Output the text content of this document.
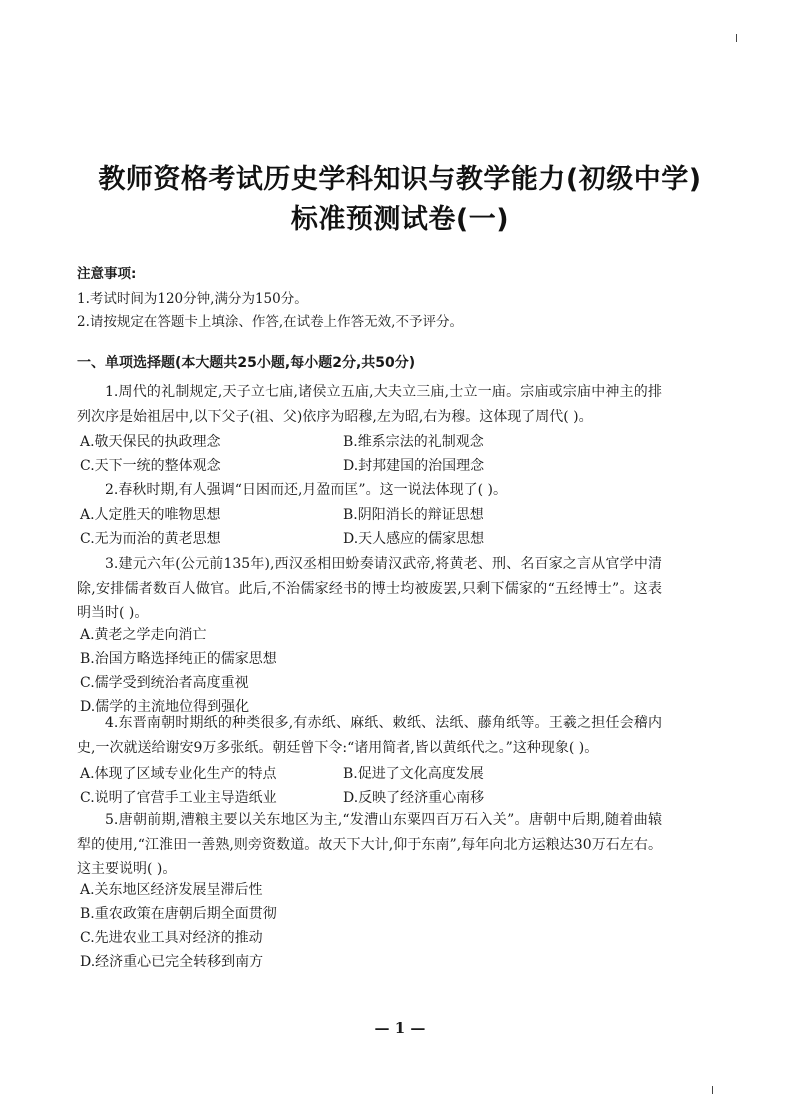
教师资格考试历史学科知识与教学能力(初级中学)
标准预测试卷(一)
注意事项:
1.考试时间为120分钟,满分为150分。
2.请按规定在答题卡上填涂、作答,在试卷上作答无效,不予评分。
一、单项选择题(本大题共25小题,每小题2分,共50分)
1.周代的礼制规定,天子立七庙,诸侯立五庙,大夫立三庙,士立一庙。宗庙或宗庙中神主的排列次序是始祖居中,以下父子(祖、父)依序为昭穆,左为昭,右为穆。这体现了周代( )。
A.敬天保民的执政理念	B.维系宗法的礼制观念
C.天下一统的整体观念	D.封邦建国的治国理念
2.春秋时期,有人强调“日困而还,月盈而匡”。这一说法体现了( )。
A.人定胜天的唯物思想	B.阴阳消长的辩证思想
C.无为而治的黄老思想	D.天人感应的儒家思想
3.建元六年(公元前135年),西汉丞相田蚡奏请汉武帝,将黄老、刑、名百家之言从官学中清除,安排儒者数百人做官。此后,不治儒家经书的博士均被废罢,只剩下儒家的“五经博士”。这表明当时( )。
A.黄老之学走向消亡
B.治国方略选择纯正的儒家思想
C.儒学受到统治者高度重视
D.儒学的主流地位得到强化
4.东晋南朝时期纸的种类很多,有赤纸、麻纸、敕纸、法纸、藤角纸等。王羲之担任会稽内史,一次就送给谢安9万多张纸。朝廷曾下令:“诸用简者,皆以黄纸代之。”这种现象( )。
A.体现了区域专业化生产的特点	B.促进了文化高度发展
C.说明了官营手工业主导造纸业	D.反映了经济重心南移
5.唐朝前期,漕粮主要以关东地区为主,“发漕山东粟四百万石入关”。唐朝中后期,随着曲辕犁的使用,“江淮田一善熟,则旁资数道。故天下大计,仰于东南”,每年向北方运粮达30万石左右。这主要说明( )。
A.关东地区经济发展呈滞后性
B.重农政策在唐朝后期全面贯彻
C.先进农业工具对经济的推动
D.经济重心已完全转移到南方
— 1 —
